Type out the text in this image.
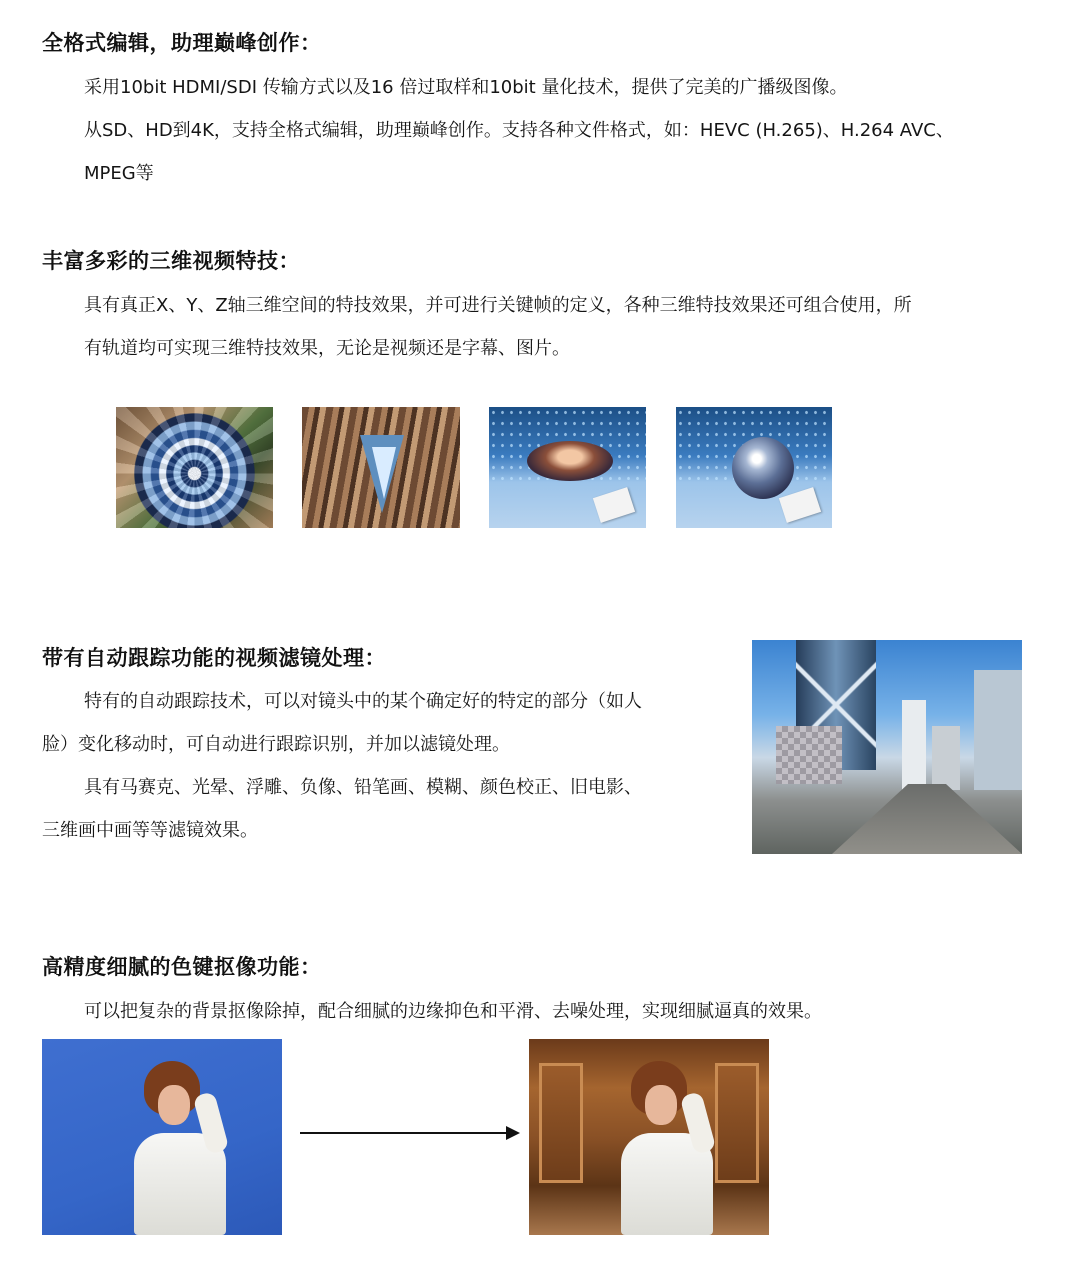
全格式编辑，助理巅峰创作：
采用10bit HDMI/SDI 传输方式以及16 倍过取样和10bit 量化技术，提供了完美的广播级图像。
从SD、HD到4K，支持全格式编辑，助理巅峰创作。支持各种文件格式，如：HEVC (H.265)、H.264 AVC、
MPEG等
丰富多彩的三维视频特技：
具有真正X、Y、Z轴三维空间的特技效果，并可进行关键帧的定义，各种三维特技效果还可组合使用，所
有轨道均可实现三维特技效果，无论是视频还是字幕、图片。
带有自动跟踪功能的视频滤镜处理：
特有的自动跟踪技术，可以对镜头中的某个确定好的特定的部分（如人
脸）变化移动时，可自动进行跟踪识别，并加以滤镜处理。
具有马赛克、光晕、浮雕、负像、铅笔画、模糊、颜色校正、旧电影、
三维画中画等等滤镜效果。
高精度细腻的色键抠像功能：
可以把复杂的背景抠像除掉，配合细腻的边缘抑色和平滑、去噪处理，实现细腻逼真的效果。
